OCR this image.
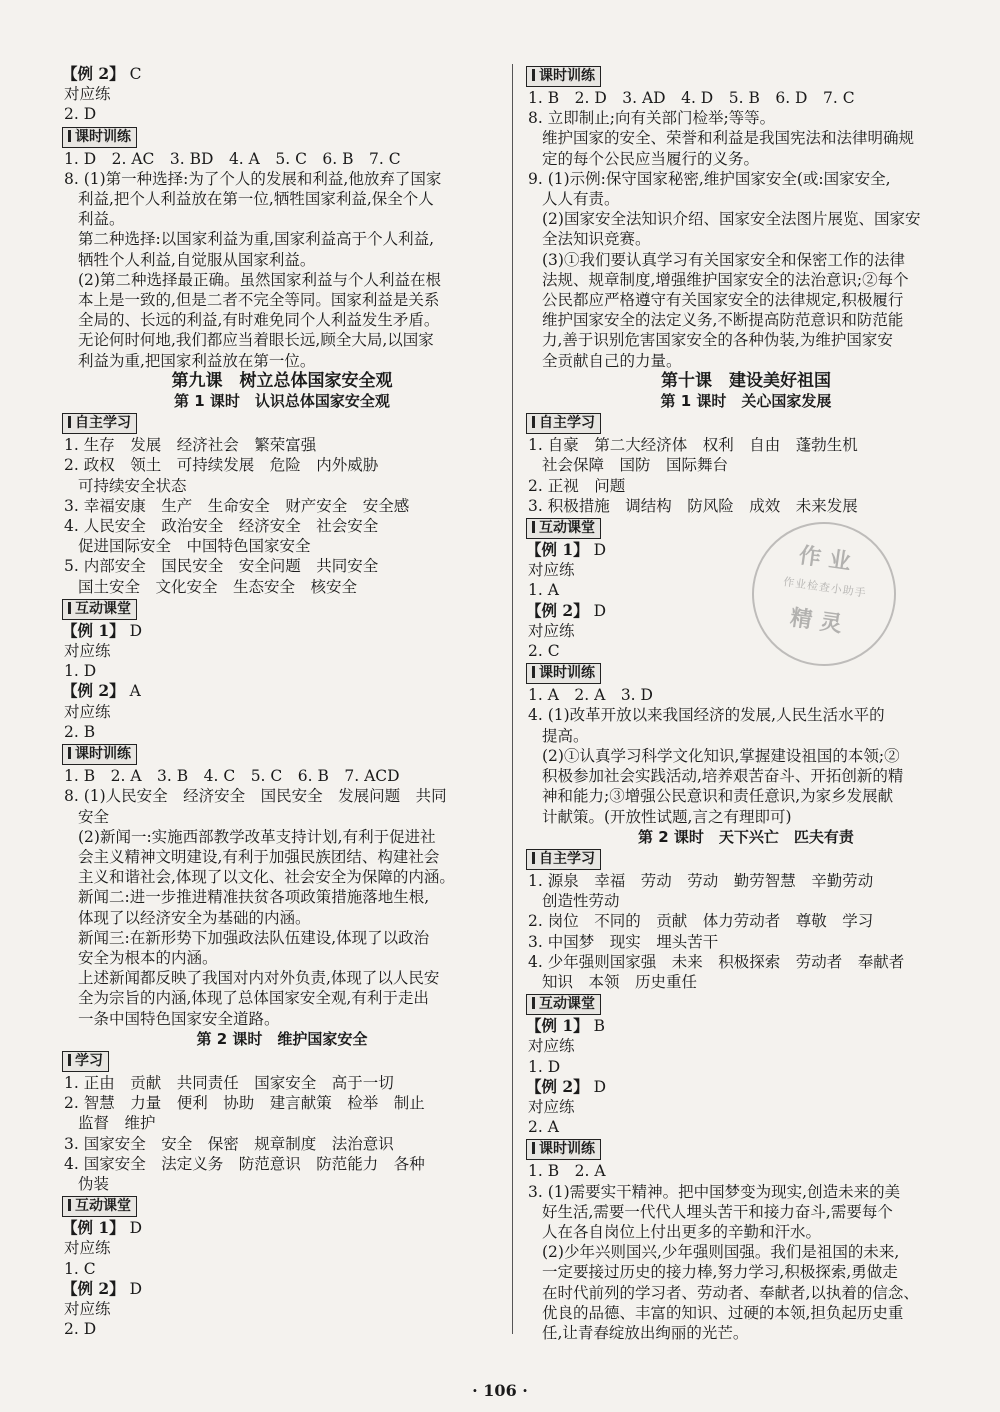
【例 2】 C
对应练
2. D
课时训练
1. D　2. AC　3. BD　4. A　5. C　6. B　7. C
8. (1)第一种选择:为了个人的发展和利益,他放弃了国家
利益,把个人利益放在第一位,牺牲国家利益,保全个人
利益。
第二种选择:以国家利益为重,国家利益高于个人利益,
牺牲个人利益,自觉服从国家利益。
(2)第二种选择最正确。虽然国家利益与个人利益在根
本上是一致的,但是二者不完全等同。国家利益是关系
全局的、长远的利益,有时难免同个人利益发生矛盾。
无论何时何地,我们都应当着眼长远,顾全大局,以国家
利益为重,把国家利益放在第一位。
第九课　树立总体国家安全观
第 1 课时　认识总体国家安全观
自主学习
1. 生存　发展　经济社会　繁荣富强
2. 政权　领土　可持续发展　危险　内外威胁
可持续安全状态
3. 幸福安康　生产　生命安全　财产安全　安全感
4. 人民安全　政治安全　经济安全　社会安全
促进国际安全　中国特色国家安全
5. 内部安全　国民安全　安全问题　共同安全
国土安全　文化安全　生态安全　核安全
互动课堂
【例 1】 D
对应练
1. D
【例 2】 A
对应练
2. B
课时训练
1. B　2. A　3. B　4. C　5. C　6. B　7. ACD
8. (1)人民安全　经济安全　国民安全　发展问题　共同
安全
(2)新闻一:实施西部教学改革支持计划,有利于促进社
会主义精神文明建设,有利于加强民族团结、构建社会
主义和谐社会,体现了以文化、社会安全为保障的内涵。
新闻二:进一步推进精准扶贫各项政策措施落地生根,
体现了以经济安全为基础的内涵。
新闻三:在新形势下加强政法队伍建设,体现了以政治
安全为根本的内涵。
上述新闻都反映了我国对内对外负责,体现了以人民安
全为宗旨的内涵,体现了总体国家安全观,有利于走出
一条中国特色国家安全道路。
第 2 课时　维护国家安全
学习
1. 正由　贡献　共同责任　国家安全　高于一切
2. 智慧　力量　便利　协助　建言献策　检举　制止
监督　维护
3. 国家安全　安全　保密　规章制度　法治意识
4. 国家安全　法定义务　防范意识　防范能力　各种
伪装
互动课堂
【例 1】 D
对应练
1. C
【例 2】 D
对应练
2. D
课时训练
1. B　2. D　3. AD　4. D　5. B　6. D　7. C
8. 立即制止;向有关部门检举;等等。
维护国家的安全、荣誉和利益是我国宪法和法律明确规
定的每个公民应当履行的义务。
9. (1)示例:保守国家秘密,维护国家安全(或:国家安全,
人人有责。
(2)国家安全法知识介绍、国家安全法图片展览、国家安
全法知识竞赛。
(3)①我们要认真学习有关国家安全和保密工作的法律
法规、规章制度,增强维护国家安全的法治意识;②每个
公民都应严格遵守有关国家安全的法律规定,积极履行
维护国家安全的法定义务,不断提高防范意识和防范能
力,善于识别危害国家安全的各种伪装,为维护国家安
全贡献自己的力量。
第十课　建设美好祖国
第 1 课时　关心国家发展
自主学习
1. 自豪　第二大经济体　权利　自由　蓬勃生机
社会保障　国防　国际舞台
2. 正视　问题
3. 积极措施　调结构　防风险　成效　未来发展
互动课堂
【例 1】 D
对应练
1. A
【例 2】 D
对应练
2. C
课时训练
1. A　2. A　3. D
4. (1)改革开放以来我国经济的发展,人民生活水平的
提高。
(2)①认真学习科学文化知识,掌握建设祖国的本领;②
积极参加社会实践活动,培养艰苦奋斗、开拓创新的精
神和能力;③增强公民意识和责任意识,为家乡发展献
计献策。(开放性试题,言之有理即可)
第 2 课时　天下兴亡　匹夫有责
自主学习
1. 源泉　幸福　劳动　劳动　勤劳智慧　辛勤劳动
创造性劳动
2. 岗位　不同的　贡献　体力劳动者　尊敬　学习
3. 中国梦　现实　埋头苦干
4. 少年强则国家强　未来　积极探索　劳动者　奉献者
知识　本领　历史重任
互动课堂
【例 1】 B
对应练
1. D
【例 2】 D
对应练
2. A
课时训练
1. B　2. A
3. (1)需要实干精神。把中国梦变为现实,创造未来的美
好生活,需要一代代人埋头苦干和接力奋斗,需要每个
人在各自岗位上付出更多的辛勤和汗水。
(2)少年兴则国兴,少年强则国强。我们是祖国的未来,
一定要接过历史的接力棒,努力学习,积极探索,勇做走
在时代前列的学习者、劳动者、奉献者,以执着的信念、
优良的品德、丰富的知识、过硬的本领,担负起历史重
任,让青春绽放出绚丽的光芒。
作业
作业检查小助手
精灵
· 106 ·
